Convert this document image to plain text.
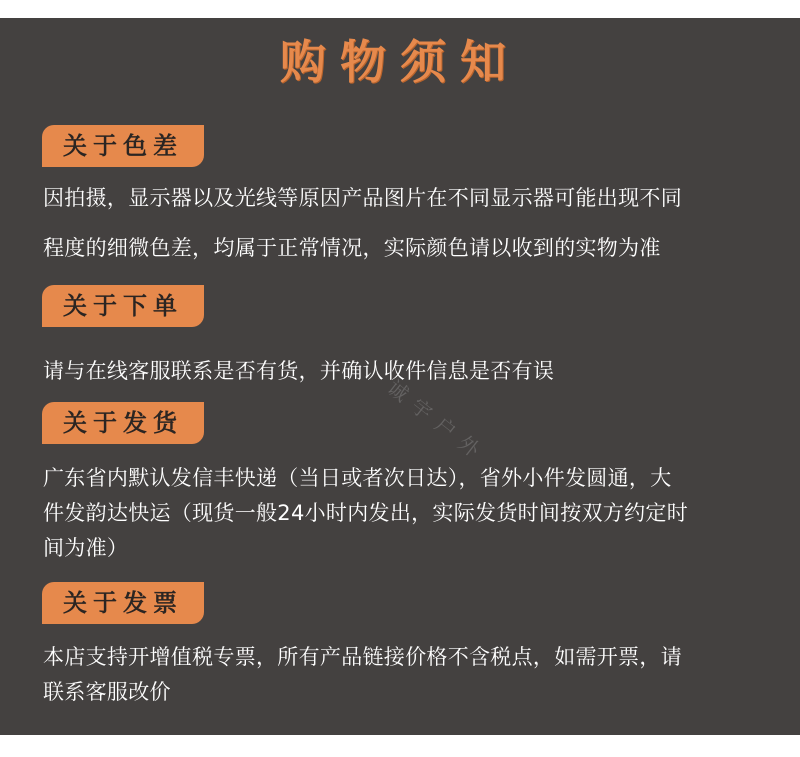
购物须知
关于色差
因拍摄，显示器以及光线等原因产品图片在不同显示器可能出现不同
程度的细微色差，均属于正常情况，实际颜色请以收到的实物为准
关于下单
请与在线客服联系是否有货，并确认收件信息是否有误
关于发货
广东省内默认发信丰快递（当日或者次日达），省外小件发圆通，大
件发韵达快运（现货一般24小时内发出，实际发货时间按双方约定时
间为准）
关于发票
本店支持开增值税专票，所有产品链接价格不含税点，如需开票，请
联系客服改价
诚宇户外
